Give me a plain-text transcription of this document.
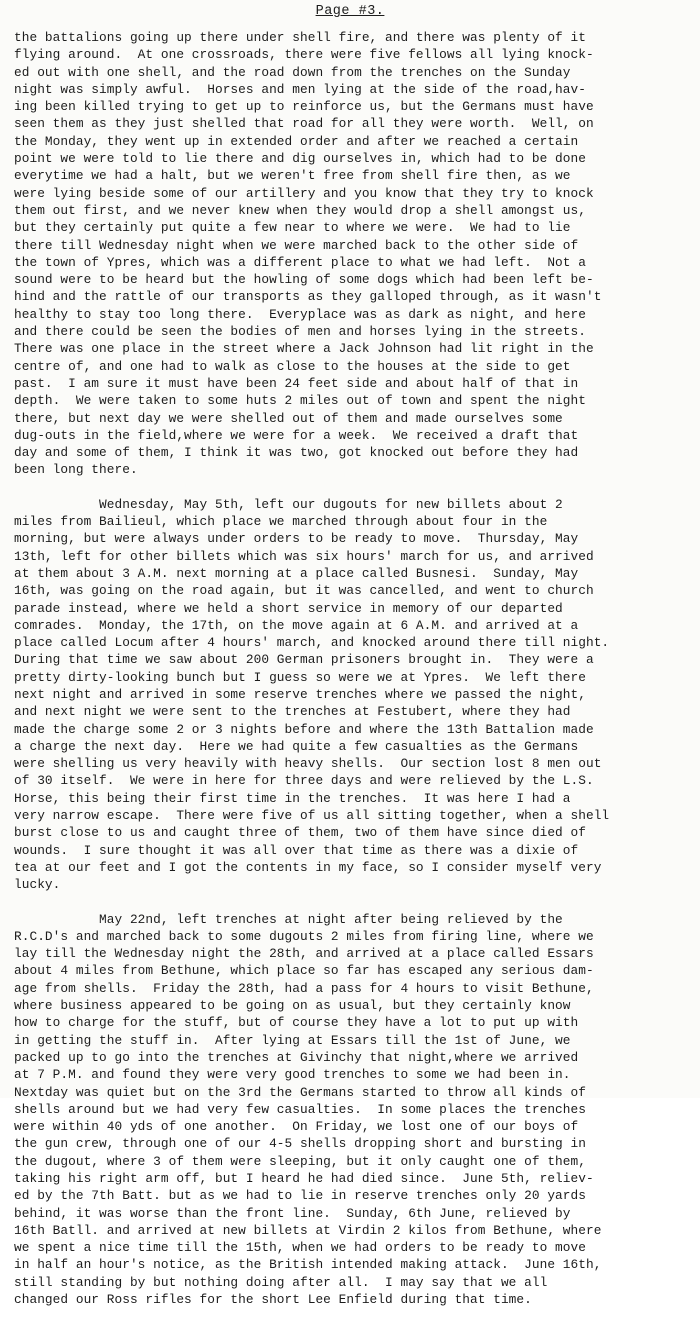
Page #3.

the battalions going up there under shell fire, and there was plenty of it
flying around.  At one crossroads, there were five fellows all lying knock-
ed out with one shell, and the road down from the trenches on the Sunday
night was simply awful.  Horses and men lying at the side of the road,hav-
ing been killed trying to get up to reinforce us, but the Germans must have
seen them as they just shelled that road for all they were worth.  Well, on
the Monday, they went up in extended order and after we reached a certain
point we were told to lie there and dig ourselves in, which had to be done
everytime we had a halt, but we weren't free from shell fire then, as we
were lying beside some of our artillery and you know that they try to knock
them out first, and we never knew when they would drop a shell amongst us,
but they certainly put quite a few near to where we were.  We had to lie
there till Wednesday night when we were marched back to the other side of
the town of Ypres, which was a different place to what we had left.  Not a
sound were to be heard but the howling of some dogs which had been left be-
hind and the rattle of our transports as they galloped through, as it wasn't
healthy to stay too long there.  Everyplace was as dark as night, and here
and there could be seen the bodies of men and horses lying in the streets.
There was one place in the street where a Jack Johnson had lit right in the
centre of, and one had to walk as close to the houses at the side to get
past.  I am sure it must have been 24 feet side and about half of that in
depth.  We were taken to some huts 2 miles out of town and spent the night
there, but next day we were shelled out of them and made ourselves some
dug-outs in the field,where we were for a week.  We received a draft that
day and some of them, I think it was two, got knocked out before they had
been long there.

Wednesday, May 5th, left our dugouts for new billets about 2
miles from Bailieul, which place we marched through about four in the
morning, but were always under orders to be ready to move.  Thursday, May
13th, left for other billets which was six hours' march for us, and arrived
at them about 3 A.M. next morning at a place called Busnesi.  Sunday, May
16th, was going on the road again, but it was cancelled, and went to church
parade instead, where we held a short service in memory of our departed
comrades.  Monday, the 17th, on the move again at 6 A.M. and arrived at a
place called Locum after 4 hours' march, and knocked around there till night.
During that time we saw about 200 German prisoners brought in.  They were a
pretty dirty-looking bunch but I guess so were we at Ypres.  We left there
next night and arrived in some reserve trenches where we passed the night,
and next night we were sent to the trenches at Festubert, where they had
made the charge some 2 or 3 nights before and where the 13th Battalion made
a charge the next day.  Here we had quite a few casualties as the Germans
were shelling us very heavily with heavy shells.  Our section lost 8 men out
of 30 itself.  We were in here for three days and were relieved by the L.S.
Horse, this being their first time in the trenches.  It was here I had a
very narrow escape.  There were five of us all sitting together, when a shell
burst close to us and caught three of them, two of them have since died of
wounds.  I sure thought it was all over that time as there was a dixie of
tea at our feet and I got the contents in my face, so I consider myself very
lucky.

May 22nd, left trenches at night after being relieved by the
R.C.D's and marched back to some dugouts 2 miles from firing line, where we
lay till the Wednesday night the 28th, and arrived at a place called Essars
about 4 miles from Bethune, which place so far has escaped any serious dam-
age from shells.  Friday the 28th, had a pass for 4 hours to visit Bethune,
where business appeared to be going on as usual, but they certainly know
how to charge for the stuff, but of course they have a lot to put up with
in getting the stuff in.  After lying at Essars till the 1st of June, we
packed up to go into the trenches at Givinchy that night,where we arrived
at 7 P.M. and found they were very good trenches to some we had been in.
Nextday was quiet but on the 3rd the Germans started to throw all kinds of
shells around but we had very few casualties.  In some places the trenches
were within 40 yds of one another.  On Friday, we lost one of our boys of
the gun crew, through one of our 4-5 shells dropping short and bursting in
the dugout, where 3 of them were sleeping, but it only caught one of them,
taking his right arm off, but I heard he had died since.  June 5th, reliev-
ed by the 7th Batt. but as we had to lie in reserve trenches only 20 yards
behind, it was worse than the front line.  Sunday, 6th June, relieved by
16th Batll. and arrived at new billets at Virdin 2 kilos from Bethune, where
we spent a nice time till the 15th, when we had orders to be ready to move
in half an hour's notice, as the British intended making attack.  June 16th,
still standing by but nothing doing after all.  I may say that we all
changed our Ross rifles for the short Lee Enfield during that time.
